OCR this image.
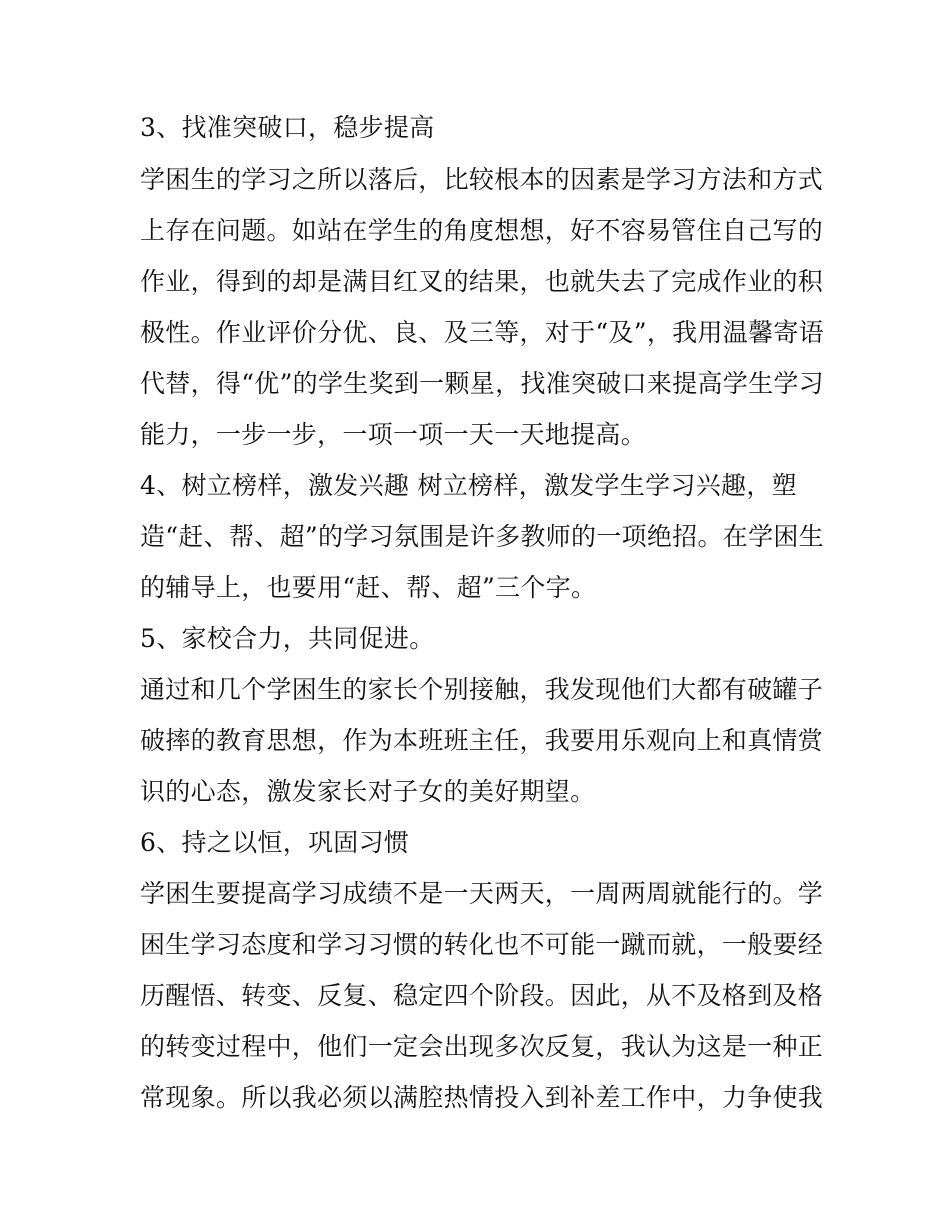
3、找准突破口，稳步提高
学困生的学习之所以落后，比较根本的因素是学习方法和方式
上存在问题。如站在学生的角度想想，好不容易管住自己写的
作业，得到的却是满目红叉的结果，也就失去了完成作业的积
极性。作业评价分优、良、及三等，对于“及”，我用温馨寄语
代替，得“优”的学生奖到一颗星，找准突破口来提高学生学习
能力，一步一步，一项一项一天一天地提高。
4、树立榜样，激发兴趣 树立榜样，激发学生学习兴趣，塑
造“赶、帮、超”的学习氛围是许多教师的一项绝招。在学困生
的辅导上，也要用“赶、帮、超”三个字。
5、家校合力，共同促进。
通过和几个学困生的家长个别接触，我发现他们大都有破罐子
破摔的教育思想，作为本班班主任，我要用乐观向上和真情赏
识的心态，激发家长对子女的美好期望。
6、持之以恒，巩固习惯
学困生要提高学习成绩不是一天两天，一周两周就能行的。学
困生学习态度和学习习惯的转化也不可能一蹴而就，一般要经
历醒悟、转变、反复、稳定四个阶段。因此，从不及格到及格
的转变过程中，他们一定会出现多次反复，我认为这是一种正
常现象。所以我必须以满腔热情投入到补差工作中，力争使我
